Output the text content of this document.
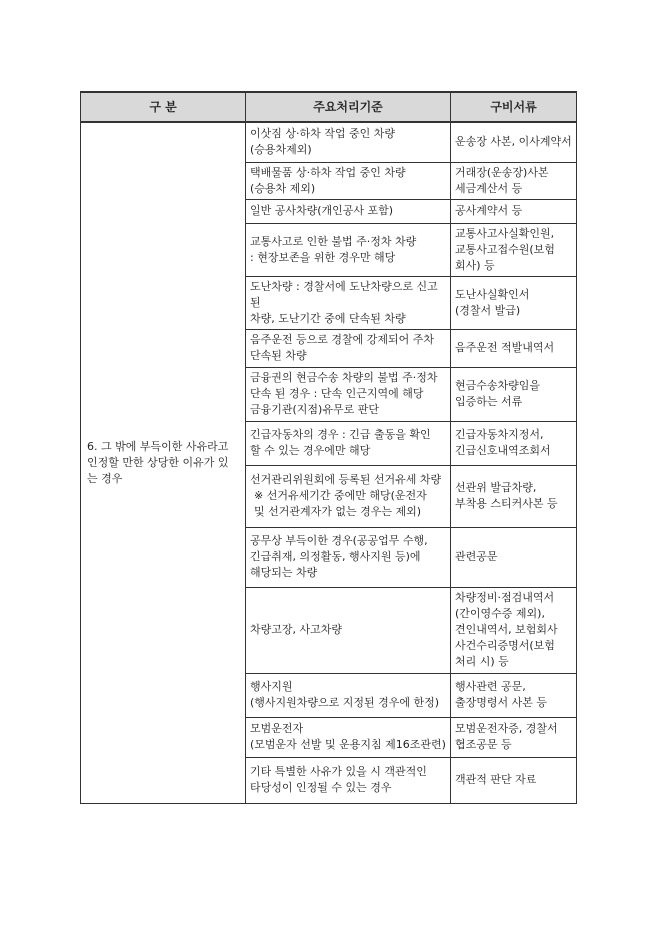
구 분	주요처리기준	구비서류
6. 그 밖에 부득이한 사유라고 인정할 만한 상당한 이유가 있는 경우	이삿짐 상·하차 작업 중인 차량
(승용차제외)	운송장 사본, 이사계약서

	택배물품 상·하차 작업 중인 차량
(승용차 제외)	거래장(운송장)사본
세금계산서 등

	일반 공사차량(개인공사 포함)	공사계약서 등

	교통사고로 인한 불법 주·정차 차량
: 현장보존을 위한 경우만 해당	교통사고사실확인원,
교통사고접수원(보험
회사) 등

	도난차량 : 경찰서에 도난차량으로 신고 된
차량, 도난기간 중에 단속된 차량	도난사실확인서
(경찰서 발급)

	음주운전 등으로 경찰에 강제되어 주차
단속된 차량	음주운전 적발내역서

	금융권의 현금수송 차량의 불법 주·정차
단속 된 경우 : 단속 인근지역에 해당
금융기관(지점)유무로 판단	현금수송차량임을
입증하는 서류

	긴급자동차의 경우 : 긴급 출동을 확인
할 수 있는 경우에만 해당	긴급자동차지정서,
긴급신호내역조회서

	선거관리위원회에 등록된 선거유세 차량
※ 선거유세기간 중에만 해당(운전자
및 선거관계자가 없는 경우는 제외)	선관위 발급차량,
부착용 스티커사본 등

	공무상 부득이한 경우(공공업무 수행,
긴급취재, 의정활동, 행사지원 등)에
해당되는 차량	관련공문

	차량고장, 사고차량	차량정비·점검내역서
(간이영수증 제외),
견인내역서, 보험회사
사건수리증명서(보험
처리 시) 등

	행사지원
(행사지원차량으로 지정된 경우에 한정)	행사관련 공문,
출장명령서 사본 등

	모범운전자
(모범운자 선발 및 운용지침 제16조관련)	모범운전자증, 경찰서
협조공문 등

	기타 특별한 사유가 있을 시 객관적인
타당성이 인정될 수 있는 경우	객관적 판단 자료
